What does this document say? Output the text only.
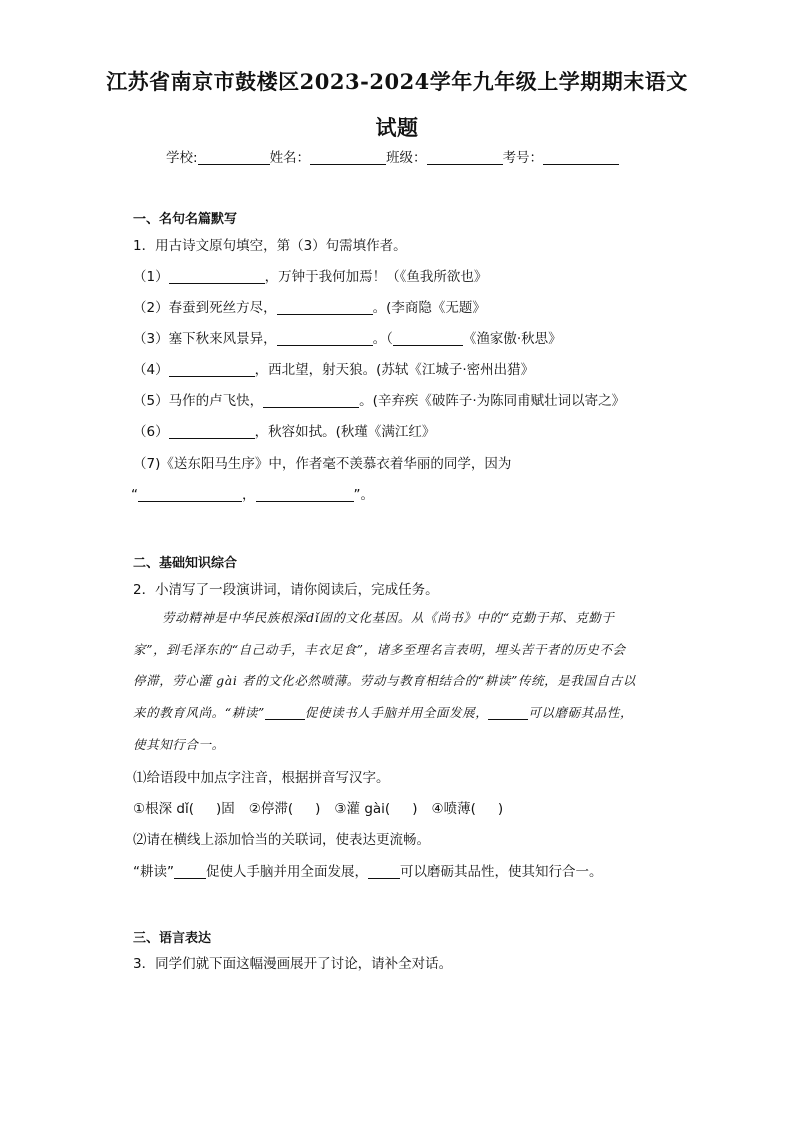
江苏省南京市鼓楼区2023-2024学年九年级上学期期末语文
试题
学校:	姓名：	班级：	考号：
一、名句名篇默写
1．用古诗文原句填空，第（3）句需填作者。
（1）	，万钟于我何加焉！（《鱼我所欲也》
（2）春蚕到死丝方尽，	。(李商隐《无题》
（3）塞下秋来风景异，	。（	《渔家傲·秋思》
（4）	，西北望，射天狼。(苏轼《江城子·密州出猎》
（5）马作的卢飞快，	。(辛弃疾《破阵子·为陈同甫赋壮词以寄之》
（6）	，秋容如拭。(秋瑾《满江红》
（7)《送东阳马生序》中，作者毫不羡慕衣着华丽的同学，因为
“	，	”。
二、基础知识综合
2．小清写了一段演讲词，请你阅读后，完成任务。
劳动精神是中华民族根深dǐ固的文化基因。从《尚书》中的“克勤于邦、克勤于
家”，到毛泽东的“自己动手，丰衣足食”，诸多至理名言表明，埋头苦干者的历史不会
停滞，劳心灌 gài 者的文化必然喷薄。劳动与教育相结合的“耕读”传统，是我国自古以
来的教育风尚。“耕读”	促使读书人手脑并用全面发展，	可以磨砺其品性，
使其知行合一。
⑴给语段中加点字注音，根据拼音写汉字。
①根深 dǐ( )固 ②停滞( ) ③灌 gài( ) ④喷薄( )
⑵请在横线上添加恰当的关联词，使表达更流畅。
“耕读” 促使人手脑并用全面发展， 可以磨砺其品性，使其知行合一。
三、语言表达
3．同学们就下面这幅漫画展开了讨论，请补全对话。
